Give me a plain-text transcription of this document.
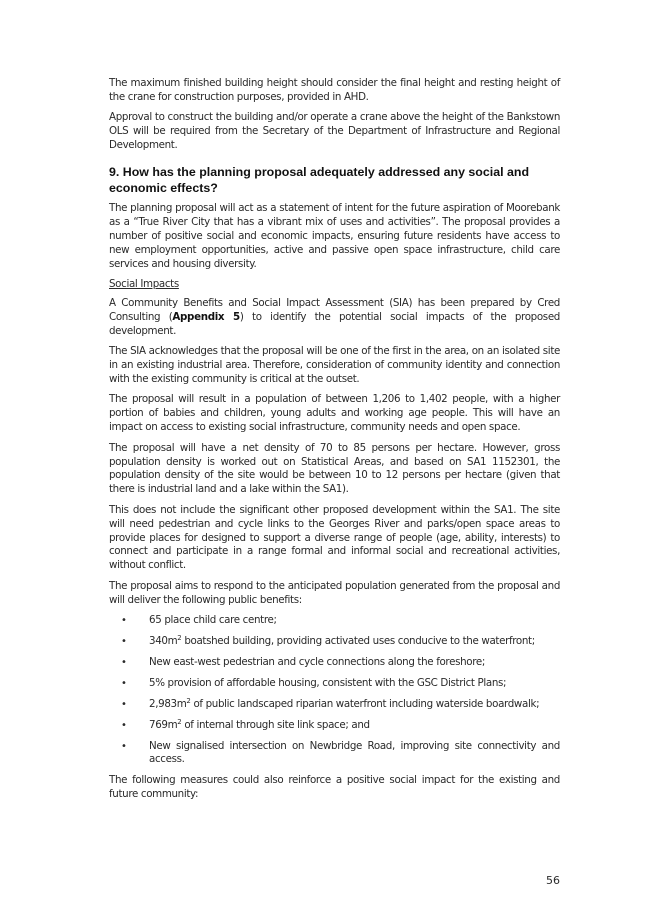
The maximum finished building height should consider the final height and resting height of the crane for construction purposes, provided in AHD.

Approval to construct the building and/or operate a crane above the height of the Bankstown OLS will be required from the Secretary of the Department of Infrastructure and Regional Development.

9. How has the planning proposal adequately addressed any social and economic effects?

The planning proposal will act as a statement of intent for the future aspiration of Moorebank as a “True River City that has a vibrant mix of uses and activities”. The proposal provides a number of positive social and economic impacts, ensuring future residents have access to new employment opportunities, active and passive open space infrastructure, child care services and housing diversity.

Social Impacts

A Community Benefits and Social Impact Assessment (SIA) has been prepared by Cred Consulting (Appendix 5) to identify the potential social impacts of the proposed development.

The SIA acknowledges that the proposal will be one of the first in the area, on an isolated site in an existing industrial area. Therefore, consideration of community identity and connection with the existing community is critical at the outset.

The proposal will result in a population of between 1,206 to 1,402 people, with a higher portion of babies and children, young adults and working age people. This will have an impact on access to existing social infrastructure, community needs and open space.

The proposal will have a net density of 70 to 85 persons per hectare. However, gross population density is worked out on Statistical Areas, and based on SA1 1152301, the population density of the site would be between 10 to 12 persons per hectare (given that there is industrial land and a lake within the SA1).

This does not include the significant other proposed development within the SA1. The site will need pedestrian and cycle links to the Georges River and parks/open space areas to provide places for designed to support a diverse range of people (age, ability, interests) to connect and participate in a range formal and informal social and recreational activities, without conflict.

The proposal aims to respond to the anticipated population generated from the proposal and will deliver the following public benefits:

• 65 place child care centre;
• $340m^2$ boatshed building, providing activated uses conducive to the waterfront;
• New east-west pedestrian and cycle connections along the foreshore;
• 5% provision of affordable housing, consistent with the GSC District Plans;
• $2,983m^2$ of public landscaped riparian waterfront including waterside boardwalk;
• $769m^2$ of internal through site link space; and
• New signalised intersection on Newbridge Road, improving site connectivity and access.

The following measures could also reinforce a positive social impact for the existing and future community:

56
